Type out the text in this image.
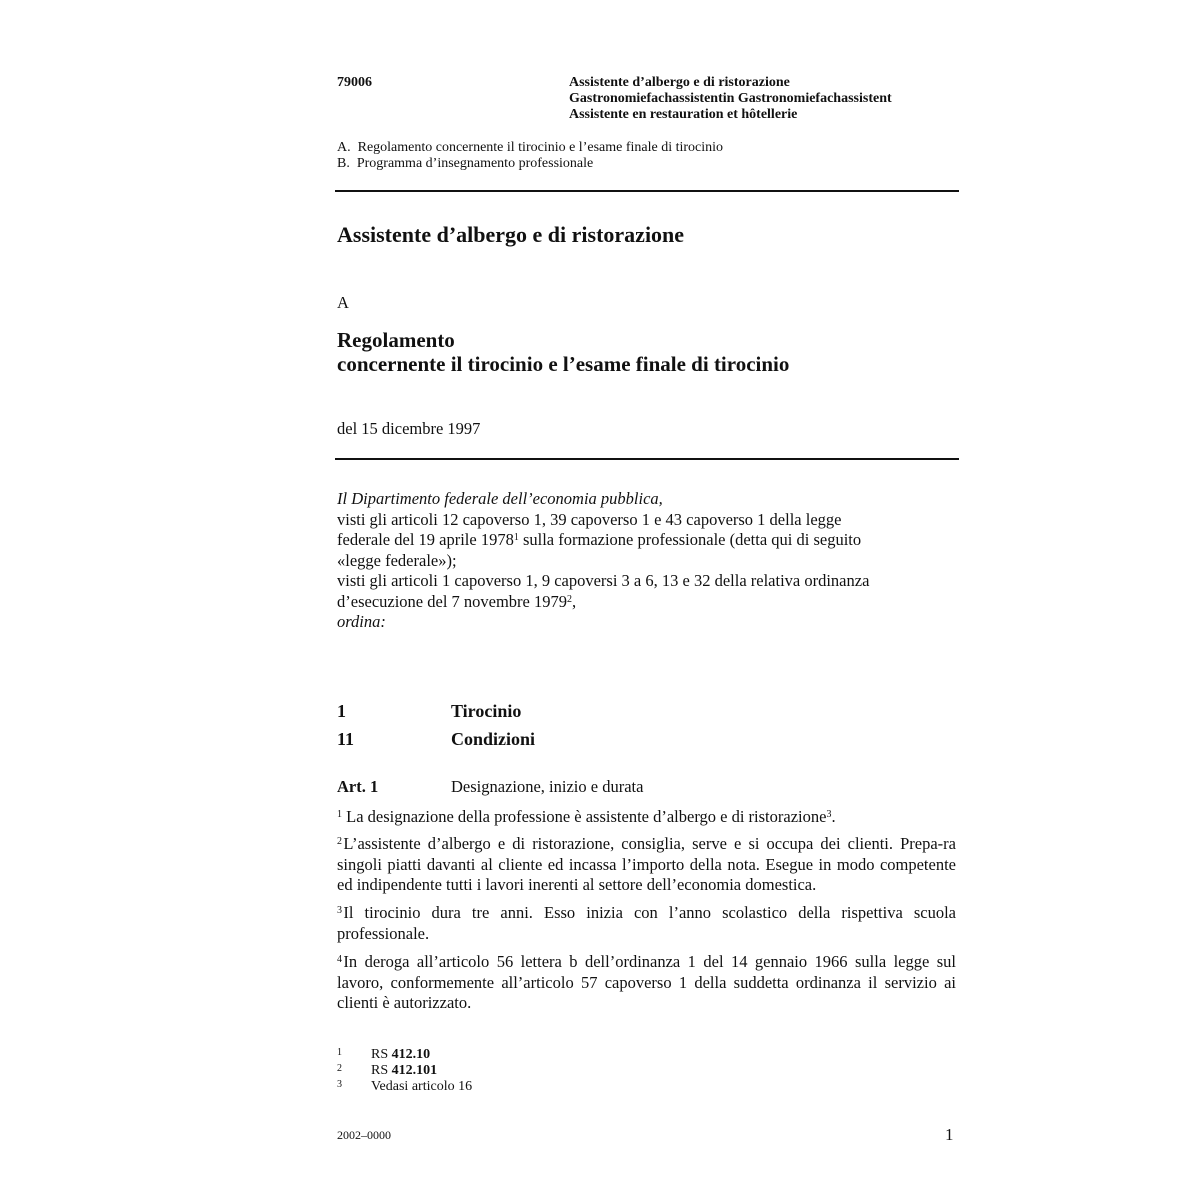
79006	Assistente d’albergo e di ristorazione
Gastronomiefachassistentin Gastronomiefachassistent
Assistente en restauration et hôtellerie
A.  Regolamento concernente il tirocinio e l’esame finale di tirocinio
B.  Programma d’insegnamento professionale
Assistente d’albergo e di ristorazione
A
Regolamento
concernente il tirocinio e l’esame finale di tirocinio
del 15 dicembre 1997
Il Dipartimento federale dell’economia pubblica,
visti gli articoli 12 capoverso 1, 39 capoverso 1 e 43 capoverso 1 della legge
federale del 19 aprile 1978$^1$ sulla formazione professionale (detta qui di seguito
«legge federale»);
visti gli articoli 1 capoverso 1, 9 capoversi 3 a 6, 13 e 32 della relativa ordinanza
d’esecuzione del 7 novembre 1979$^2$,
ordina:
1	Tirocinio
11	Condizioni
Art. 1	Designazione, inizio e durata

$^1$ La designazione della professione è assistente d’albergo e di ristorazione$^3$.

$^2$ L’assistente d’albergo e di ristorazione, consiglia, serve e si occupa dei clienti. Prepa-ra singoli piatti davanti al cliente ed incassa l’importo della nota. Esegue in modo competente ed indipendente tutti i lavori inerenti al settore dell’economia domestica.

$^3$ Il tirocinio dura tre anni. Esso inizia con l’anno scolastico della rispettiva scuola professionale.

$^4$ In deroga all’articolo 56 lettera b dell’ordinanza 1 del 14 gennaio 1966 sulla legge sul lavoro, conformemente all’articolo 57 capoverso 1 della suddetta ordinanza il servizio ai clienti è autorizzato.

1	RS 412.10
2	RS 412.101
3	Vedasi articolo 16
2002–0000	1
